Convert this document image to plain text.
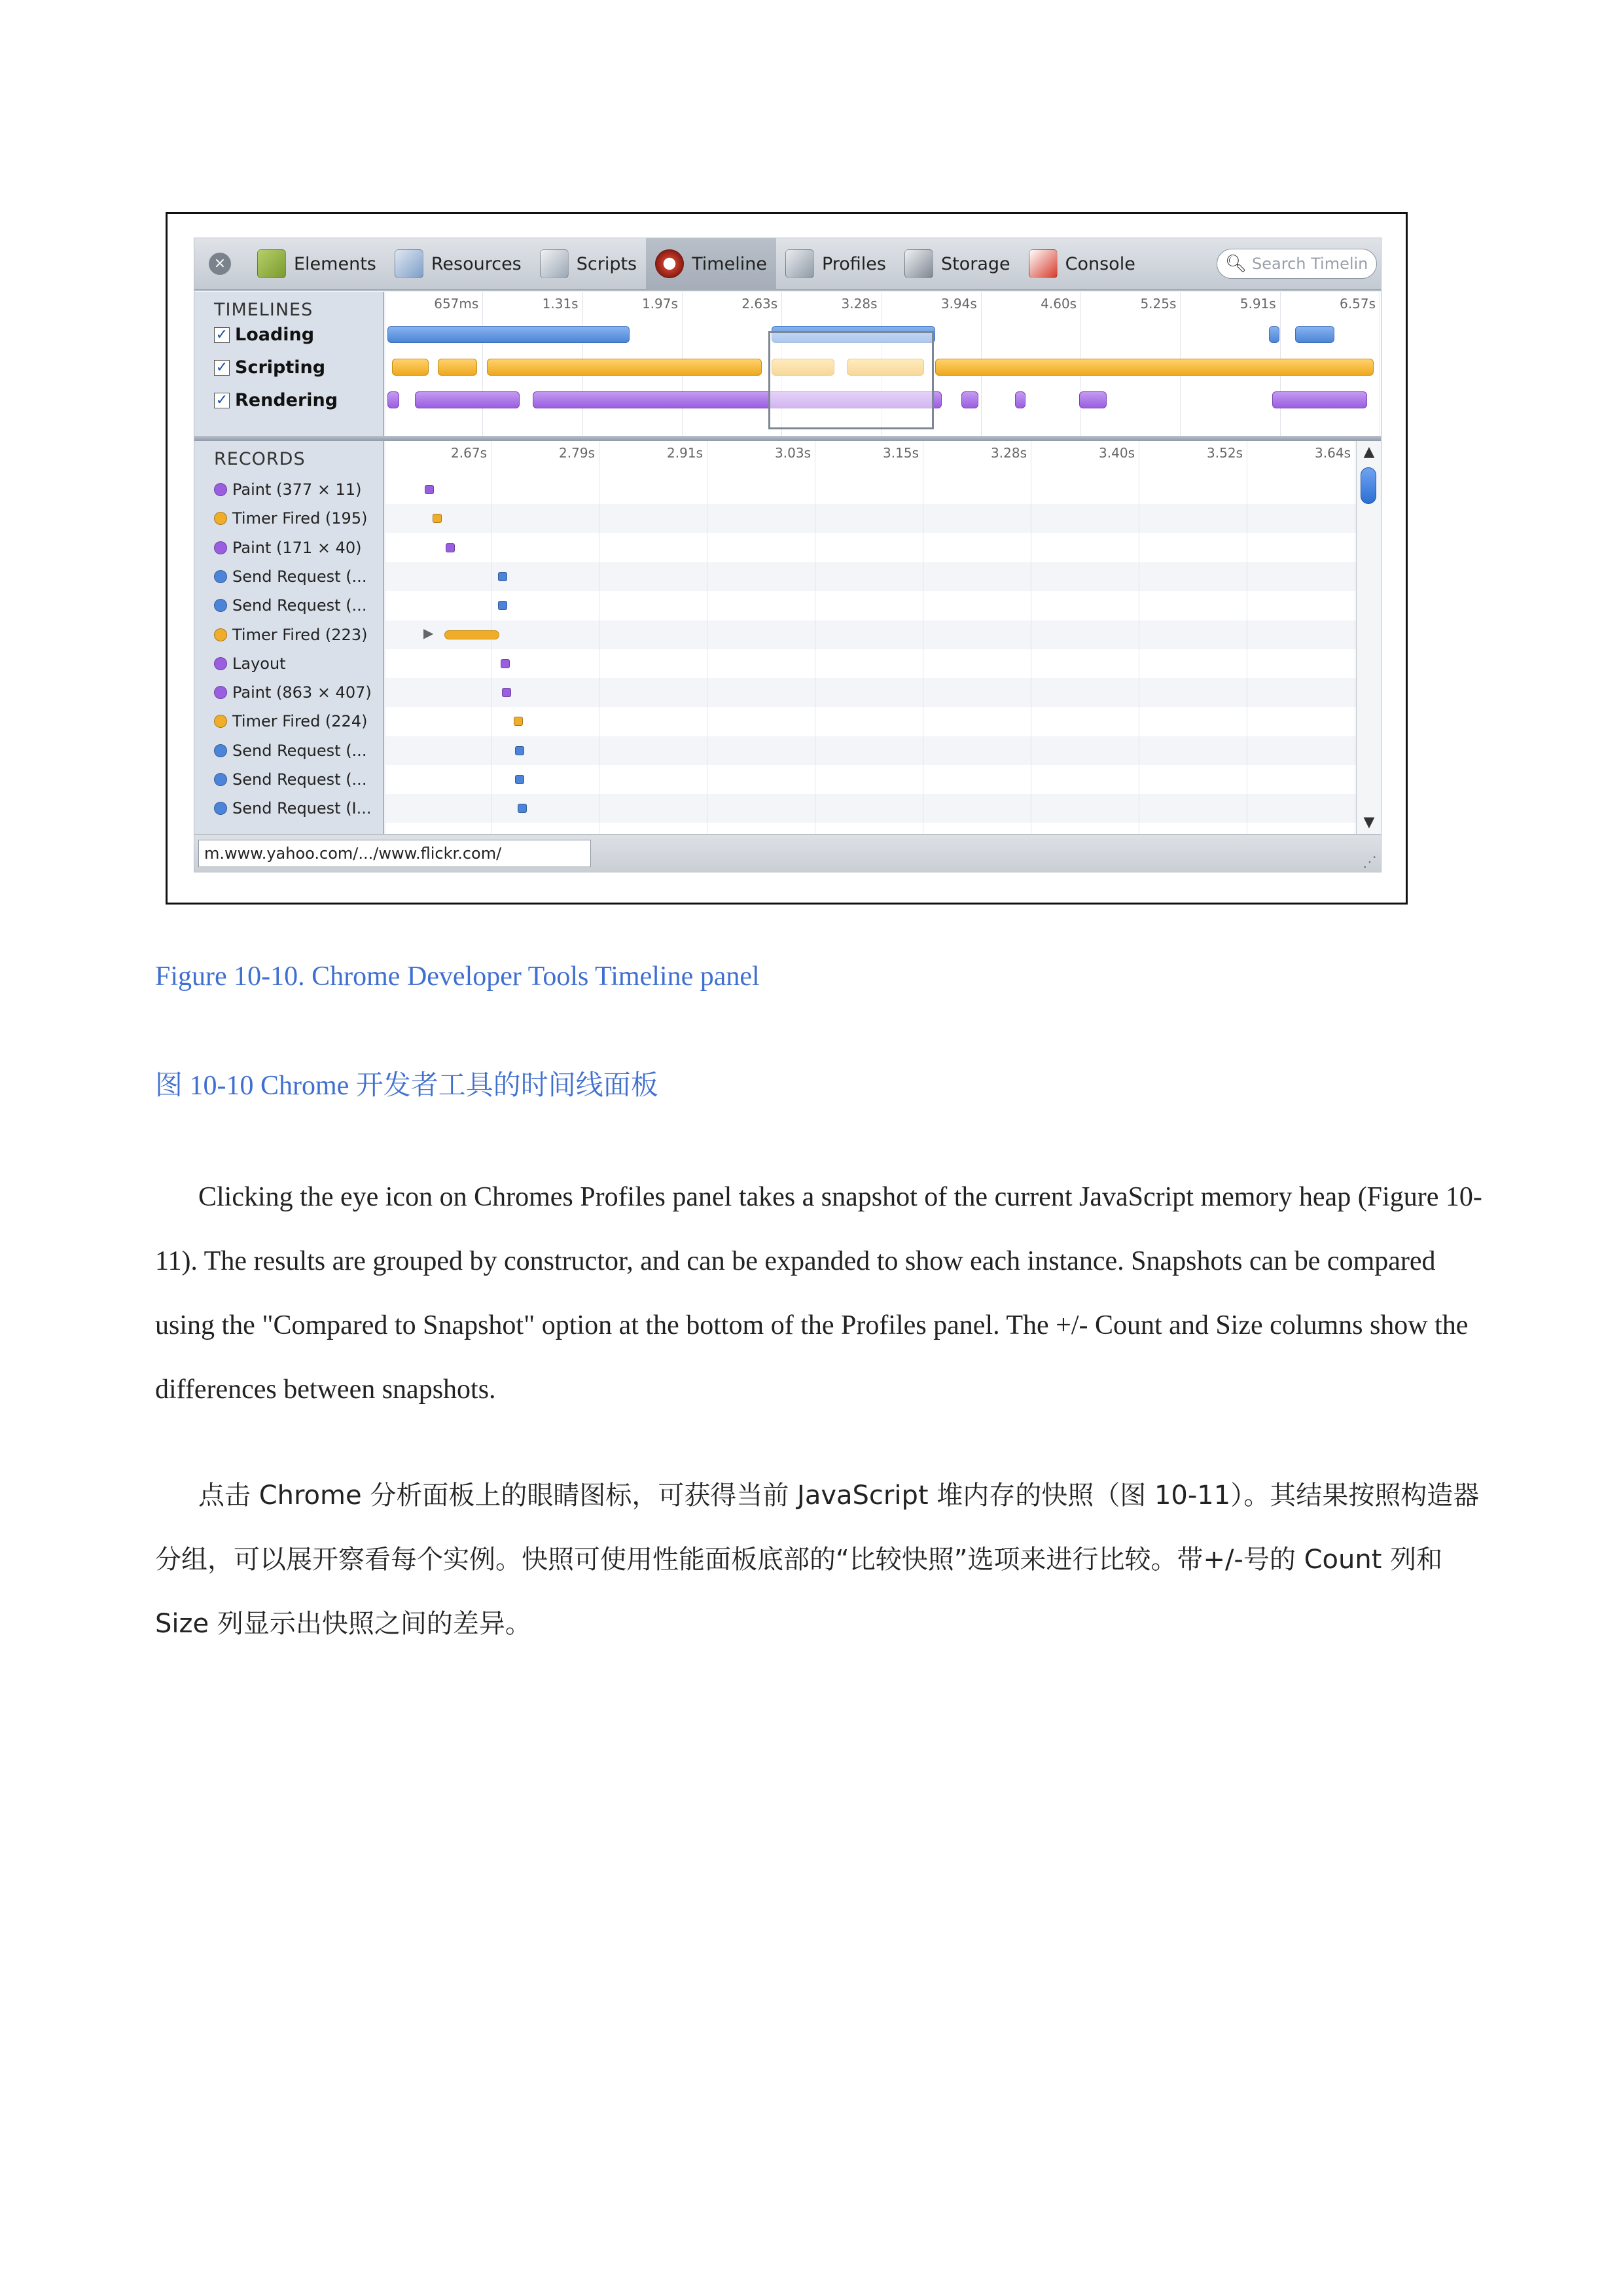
×	Elements	Resources	Scripts	Timeline	Profiles	Storage	Console	🔍︎ Search Timelin
TIMELINES
✓ Loading
✓ Scripting
✓ Rendering
657ms	1.31s	1.97s	2.63s	3.28s	3.94s	4.60s	5.25s	5.91s	6.57s
RECORDS
Paint (377 × 11)
Timer Fired (195)
Paint (171 × 40)
Send Request (...
Send Request (...
Timer Fired (223)
Layout
Paint (863 × 407)
Timer Fired (224)
Send Request (...
Send Request (...
Send Request (I...
2.67s	2.79s	2.91s	3.03s	3.15s	3.28s	3.40s	3.52s	3.64s
▶
▲
▼
m.www.yahoo.com/.../www.flickr.com/	⋰
Figure 10-10. Chrome Developer Tools Timeline panel
图 10-10 Chrome 开发者工具的时间线面板

Clicking the eye icon on Chromes Profiles panel takes a snapshot of the current JavaScript memory heap (Figure 10-11). The results are grouped by constructor, and can be expanded to show each instance. Snapshots can be compared using the "Compared to Snapshot" option at the bottom of the Profiles panel. The +/- Count and Size columns show the differences between snapshots.

点击 Chrome 分析面板上的眼睛图标，可获得当前 JavaScript 堆内存的快照（图 10-11）。其结果按照构造器分组，可以展开察看每个实例。快照可使用性能面板底部的“比较快照”选项来进行比较。带+/-号的 Count 列和 Size 列显示出快照之间的差异。
